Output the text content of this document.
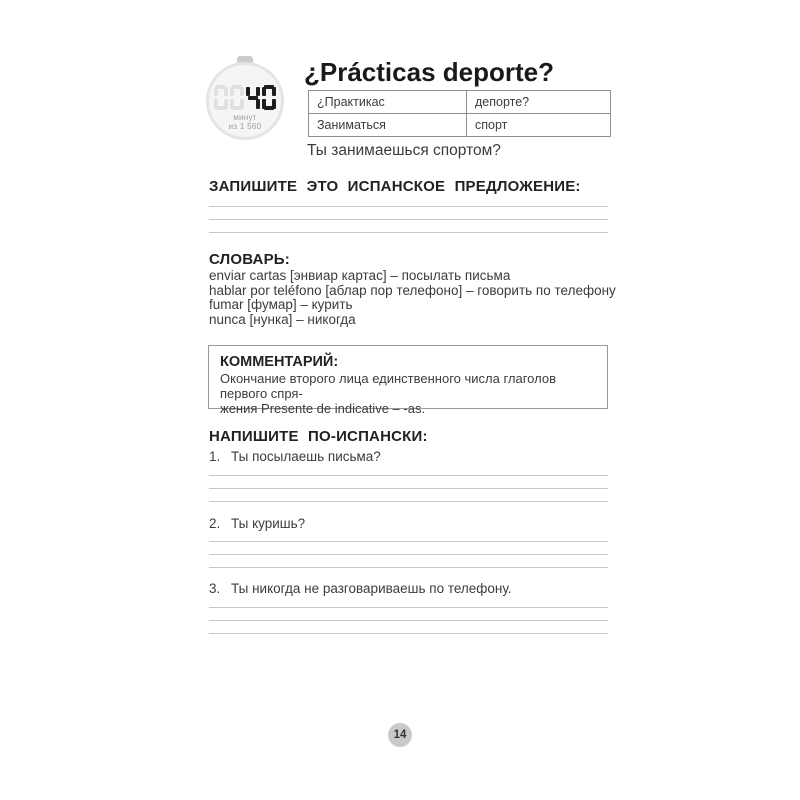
минут
из 1 560
¿Prácticas deporte?
¿Практикас	депорте?
Заниматься	спорт
Ты занимаешься спортом?
ЗАПИШИТЕ ЭТО ИСПАНСКОЕ ПРЕДЛОЖЕНИЕ:
СЛОВАРЬ:
enviar cartas [энвиар картас] – посылать письма
hablar por teléfono [аблар пор телефоно] – говорить по телефону
fumar [фумар] – курить
nunca [нунка] – никогда
КОММЕНТАРИЙ:
Окончание второго лица единственного числа глаголов первого спря-
жения Presente de indicative – -as.
НАПИШИТЕ ПО-ИСПАНСКИ:
1. Ты посылаешь письма?
2. Ты куришь?
3. Ты никогда не разговариваешь по телефону.
14
